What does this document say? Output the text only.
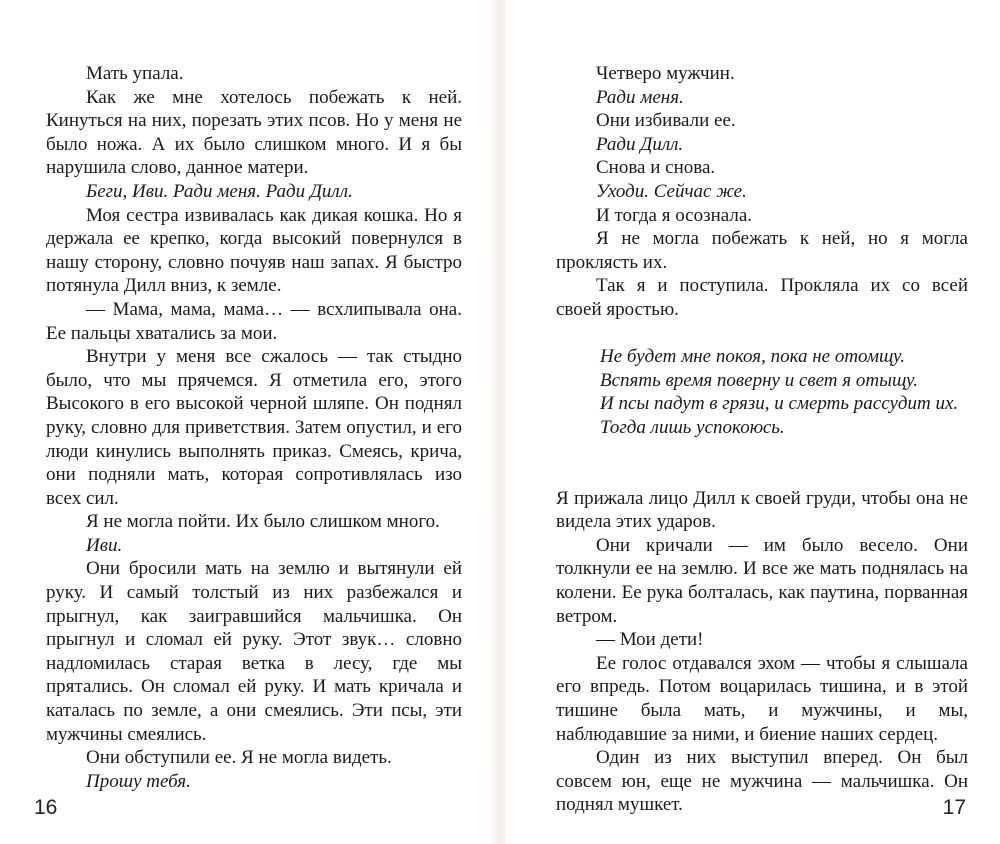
Мать упала.

Как же мне хотелось побежать к ней. Кинуться на них, порезать этих псов. Но у меня не было ножа. А их было слишком много. И я бы нарушила слово, данное матери.

Беги, Иви. Ради меня. Ради Дилл.

Моя сестра извивалась как дикая кошка. Но я держала ее крепко, когда высокий повернулся в нашу сторону, словно почуяв наш запах. Я быстро потянула Дилл вниз, к земле.

— Мама, мама, мама… — всхлипывала она. Ее пальцы хватались за мои.

Внутри у меня все сжалось — так стыдно было, что мы прячемся. Я отметила его, этого Высокого в его высокой черной шляпе. Он поднял руку, словно для приветствия. Затем опустил, и его люди кинулись выполнять приказ. Смеясь, крича, они подняли мать, которая сопротивлялась изо всех сил.

Я не могла пойти. Их было слишком много.

Иви.

Они бросили мать на землю и вытянули ей руку. И самый толстый из них разбежался и прыгнул, как заигравшийся мальчишка. Он прыгнул и сломал ей руку. Этот звук… словно надломилась старая ветка в лесу, где мы прятались. Он сломал ей руку. И мать кричала и каталась по земле, а они смеялись. Эти псы, эти мужчины смеялись.

Они обступили ее. Я не могла видеть.

Прошу тебя.

16

Четверо мужчин.

Ради меня.

Они избивали ее.

Ради Дилл.

Снова и снова.

Уходи. Сейчас же.

И тогда я осознала.

Я не могла побежать к ней, но я могла проклясть их.

Так я и поступила. Прокляла их со всей своей яростью.

Не будет мне покоя, пока не отомщу.

Вспять время поверну и свет я отыщу.

И псы падут в грязи, и смерть рассудит их.

Тогда лишь успокоюсь.

Я прижала лицо Дилл к своей груди, чтобы она не видела этих ударов.

Они кричали — им было весело. Они толкнули ее на землю. И все же мать поднялась на колени. Ее рука болталась, как паутина, порванная ветром.

— Мои дети!

Ее голос отдавался эхом — чтобы я слышала его впредь. Потом воцарилась тишина, и в этой тишине была мать, и мужчины, и мы, наблюдавшие за ними, и биение наших сердец.

Один из них выступил вперед. Он был совсем юн, еще не мужчина — мальчишка. Он поднял мушкет.	17
